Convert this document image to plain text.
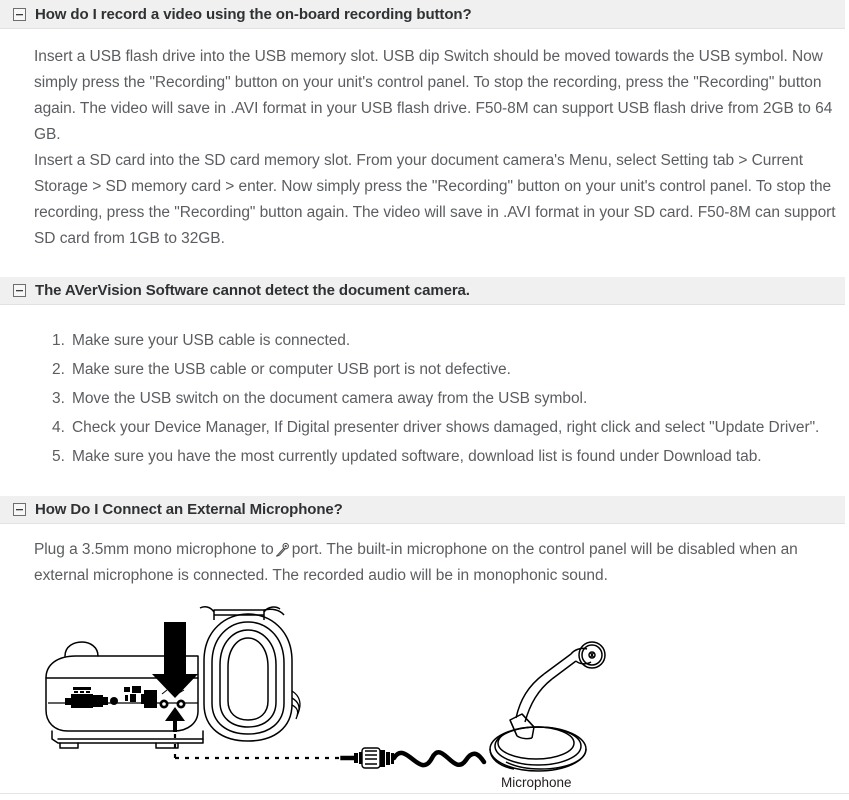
How do I record a video using the on-board recording button?

Insert a USB flash drive into the USB memory slot. USB dip Switch should be moved towards the USB symbol. Now simply press the "Recording" button on your unit's control panel. To stop the recording, press the "Recording" button again. The video will save in .AVI format in your USB flash drive. F50-8M can support USB flash drive from 2GB to 64 GB.

Insert a SD card into the SD card memory slot. From your document camera's Menu, select Setting tab > Current Storage > SD memory card > enter. Now simply press the "Recording" button on your unit's control panel. To stop the recording, press the "Recording" button again. The video will save in .AVI format in your SD card. F50-8M can support SD card from 1GB to 32GB.

The AVerVision Software cannot detect the document camera.
Make sure your USB cable is connected.
Make sure the USB cable or computer USB port is not defective.
Move the USB switch on the document camera away from the USB symbol.
Check your Device Manager, If Digital presenter driver shows damaged, right click and select "Update Driver".
Make sure you have the most currently updated software, download list is found under Download tab.
How Do I Connect an External Microphone?

Plug a 3.5mm mono microphone to port. The built-in microphone on the control panel will be disabled when an external microphone is connected. The recorded audio will be in monophonic sound.

Microphone
